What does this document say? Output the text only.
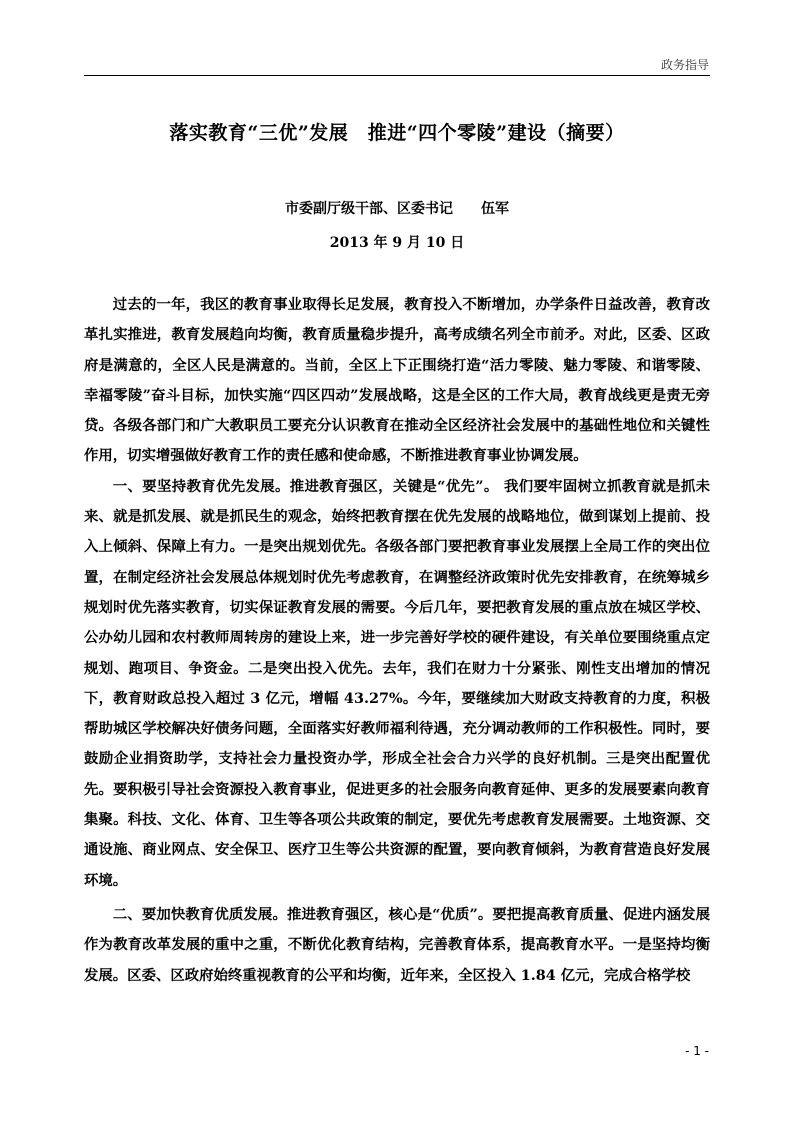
政务指导
落实教育“三优”发展　推进“四个零陵”建设（摘要）
市委副厅级干部、区委书记　　伍军
2013 年 9 月 10 日

过去的一年，我区的教育事业取得长足发展，教育投入不断增加，办学条件日益改善，教育改革扎实推进，教育发展趋向均衡，教育质量稳步提升，高考成绩名列全市前矛。对此，区委、区政府是满意的，全区人民是满意的。当前，全区上下正围绕打造“活力零陵、魅力零陵、和谐零陵、幸福零陵”奋斗目标，加快实施“四区四动”发展战略，这是全区的工作大局，教育战线更是责无旁贷。各级各部门和广大教职员工要充分认识教育在推动全区经济社会发展中的基础性地位和关键性作用，切实增强做好教育工作的责任感和使命感，不断推进教育事业协调发展。

一、要坚持教育优先发展。推进教育强区，关键是“优先”。 我们要牢固树立抓教育就是抓未来、就是抓发展、就是抓民生的观念，始终把教育摆在优先发展的战略地位，做到谋划上提前、投入上倾斜、保障上有力。一是突出规划优先。各级各部门要把教育事业发展摆上全局工作的突出位置，在制定经济社会发展总体规划时优先考虑教育，在调整经济政策时优先安排教育，在统筹城乡规划时优先落实教育，切实保证教育发展的需要。今后几年，要把教育发展的重点放在城区学校、公办幼儿园和农村教师周转房的建设上来，进一步完善好学校的硬件建设，有关单位要围绕重点定规划、跑项目、争资金。二是突出投入优先。去年，我们在财力十分紧张、刚性支出增加的情况下，教育财政总投入超过 3 亿元，增幅 43.27%。今年，要继续加大财政支持教育的力度，积极帮助城区学校解决好债务问题，全面落实好教师福利待遇，充分调动教师的工作积极性。同时，要鼓励企业捐资助学，支持社会力量投资办学，形成全社会合力兴学的良好机制。三是突出配置优先。要积极引导社会资源投入教育事业，促进更多的社会服务向教育延伸、更多的发展要素向教育集聚。科技、文化、体育、卫生等各项公共政策的制定，要优先考虑教育发展需要。土地资源、交通设施、商业网点、安全保卫、医疗卫生等公共资源的配置，要向教育倾斜，为教育营造良好发展环境。

二、要加快教育优质发展。推进教育强区，核心是“优质”。要把提高教育质量、促进内涵发展作为教育改革发展的重中之重，不断优化教育结构，完善教育体系，提高教育水平。一是坚持均衡发展。区委、区政府始终重视教育的公平和均衡，近年来，全区投入 1.84 亿元，完成合格学校

- 1 -
